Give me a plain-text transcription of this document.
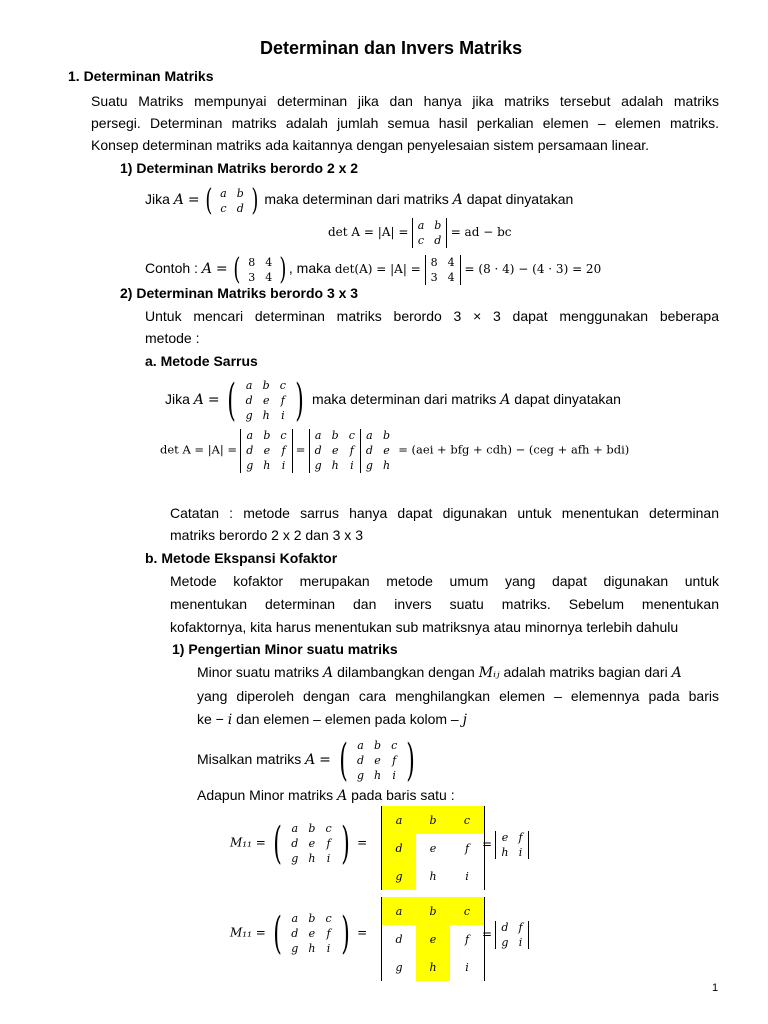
Determinan dan Invers Matriks
1. Determinan Matriks
Suatu Matriks mempunyai determinan jika dan hanya jika matriks tersebut adalah matriks
persegi. Determinan matriks adalah jumlah semua hasil perkalian elemen – elemen matriks.
Konsep determinan matriks ada kaitannya dengan penyelesaian sistem persamaan linear.
1) Determinan Matriks berordo 2 x 2
Jika A = ( a	b
c	d ) maka determinan dari matriks A dapat dinyatakan
det A = |A| = a	b
c	d
= ad − bc
Contoh : A = ( 8	4
3	4 ) , maka det(A) = |A| =
8	4
3	4
= (8 · 4) − (4 · 3) = 20
2) Determinan Matriks berordo 3 x 3
Untuk mencari determinan matriks berordo 3 × 3 dapat menggunakan beberapa
metode :
a. Metode Sarrus
Jika A = ( a	b	c
d	e	f
g	h	i ) maka determinan dari matriks A dapat dinyatakan
det A = |A| =
a	b	c
d	e	f
g	h	i
=
a	b	c
d	e	f
g	h	i
a	b
d	e
g	h
= (aei + bfg + cdh) − (ceg + afh + bdi)
Catatan : metode sarrus hanya dapat digunakan untuk menentukan determinan
matriks berordo 2 x 2 dan 3 x 3
b. Metode Ekspansi Kofaktor
Metode kofaktor merupakan metode umum yang dapat digunakan untuk
menentukan determinan dan invers suatu matriks. Sebelum menentukan
kofaktornya, kita harus menentukan sub matriksnya atau minornya terlebih dahulu
1) Pengertian Minor suatu matriks
Minor suatu matriks A dilambangkan dengan Mᵢⱼ adalah matriks bagian dari A
yang diperoleh dengan cara menghilangkan elemen – elemennya pada baris
ke − i dan elemen – elemen pada kolom – j
Misalkan matriks A = ( a	b	c
d	e	f
g	h	i )
Adapun Minor matriks A pada baris satu :
M₁₁ = ( a	b	c
d	e	f
g	h	i ) =
a	b	c
d	e	f
g	h	i
= e	f
h	i
M₁₁ = ( a	b	c
d	e	f
g	h	i ) =
a	b	c
d	e	f
g	h	i
= d	f
g	i
1
